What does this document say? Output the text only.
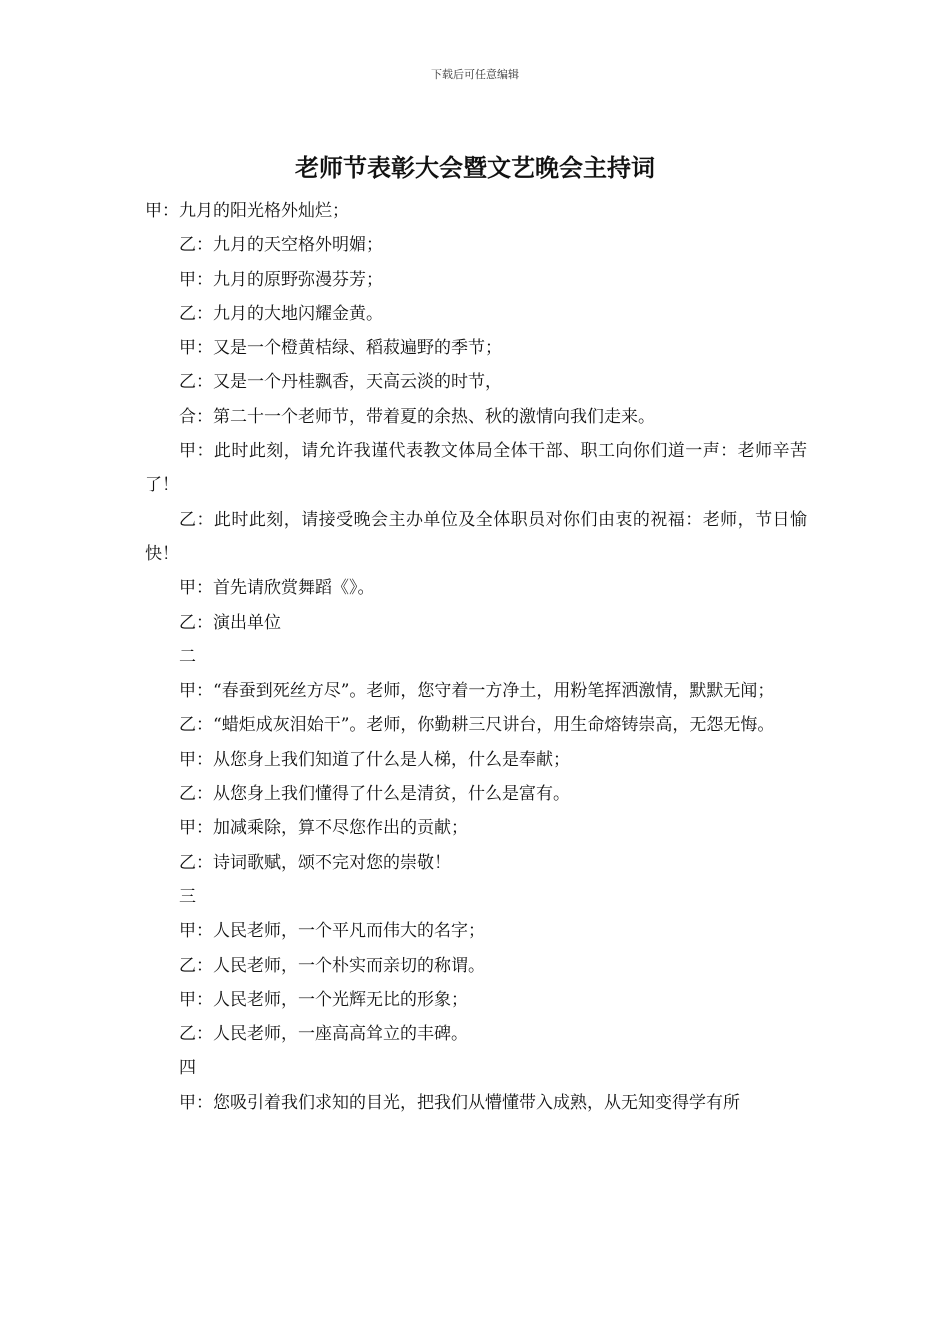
下载后可任意编辑
老师节表彰大会暨文艺晚会主持词

甲：九月的阳光格外灿烂；

乙：九月的天空格外明媚；

甲：九月的原野弥漫芬芳；

乙：九月的大地闪耀金黄。

甲：又是一个橙黄桔绿、稻菽遍野的季节；

乙：又是一个丹桂飘香，天高云淡的时节，

合：第二十一个老师节，带着夏的余热、秋的激情向我们走来。

甲：此时此刻，请允许我谨代表教文体局全体干部、职工向你们道一声：老师辛苦了！

乙：此时此刻，请接受晚会主办单位及全体职员对你们由衷的祝福：老师，节日愉快！

甲：首先请欣赏舞蹈《》。

乙：演出单位

二

甲：“春蚕到死丝方尽”。老师，您守着一方净土，用粉笔挥洒激情，默默无闻；

乙：“蜡炬成灰泪始干”。老师，你勤耕三尺讲台，用生命熔铸崇高，无怨无悔。

甲：从您身上我们知道了什么是人梯，什么是奉献；

乙：从您身上我们懂得了什么是清贫，什么是富有。

甲：加减乘除，算不尽您作出的贡献；

乙：诗词歌赋，颂不完对您的崇敬！

三

甲：人民老师，一个平凡而伟大的名字；

乙：人民老师，一个朴实而亲切的称谓。

甲：人民老师，一个光辉无比的形象；

乙：人民老师，一座高高耸立的丰碑。

四

甲：您吸引着我们求知的目光，把我们从懵懂带入成熟，从无知变得学有所
